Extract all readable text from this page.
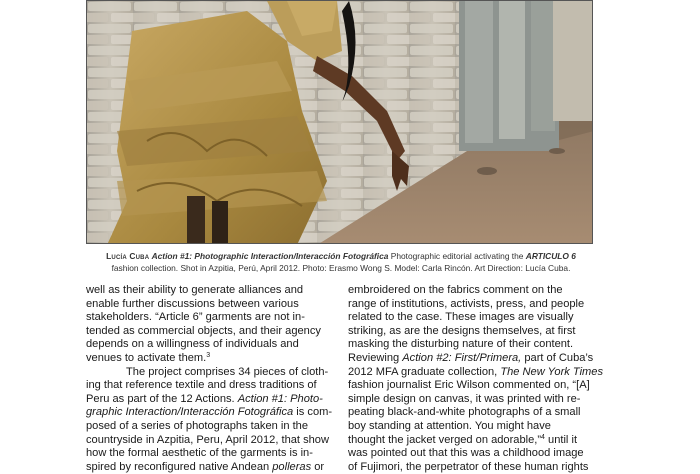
Lucía Cuba Action #1: Photographic Interaction/Interacción Fotográfica Photographic editorial activating the ARTICULO 6
fashion collection. Shot in Azpitia, Perú, April 2012. Photo: Erasmo Wong S. Model: Carla Rincón. Art Direction: Lucía Cuba.
well as their ability to generate alliances and
enable further discussions between various
stakeholders. “Article 6” garments are not in-
tended as commercial objects, and their agency
depends on a willingness of individuals and
venues to activate them.$^3$
The project comprises 34 pieces of cloth-
ing that reference textile and dress traditions of
Peru as part of the 12 Actions. Action #1: Photo-
graphic Interaction/Interacción Fotográfica is com-
posed of a series of photographs taken in the
countryside in Azpitia, Peru, April 2012, that show
how the formal aesthetic of the garments is in-
spired by reconfigured native Andean polleras or
embroidered on the fabrics comment on the
range of institutions, activists, press, and people
related to the case. These images are visually
striking, as are the designs themselves, at first
masking the disturbing nature of their content.
Reviewing Action #2: First/Primera, part of Cuba’s
2012 MFA graduate collection, The New York Times
fashion journalist Eric Wilson commented on, “[A]
simple design on canvas, it was printed with re-
peating black-and-white photographs of a small
boy standing at attention. You might have
thought the jacket verged on adorable,”$^4$ until it
was pointed out that this was a childhood image
of Fujimori, the perpetrator of these human rights
